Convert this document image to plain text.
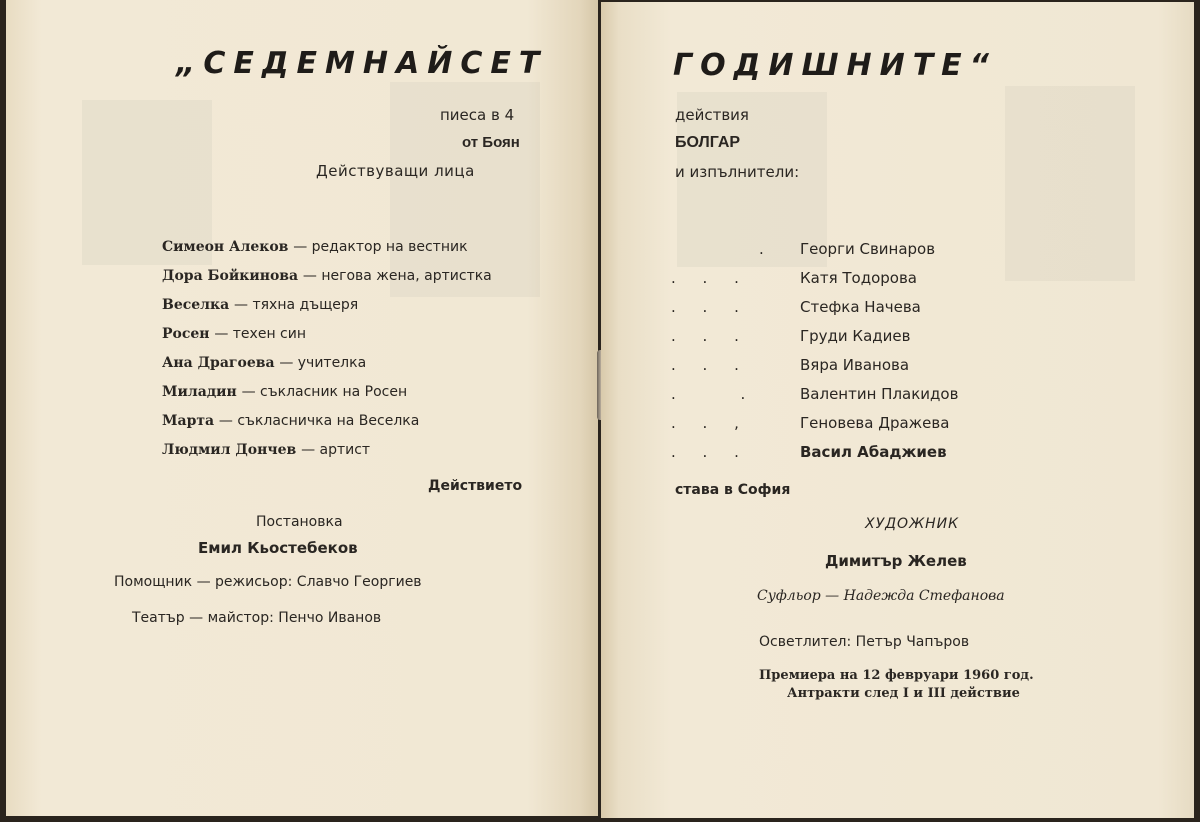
„СЕДЕМНАЙСЕТ
пиеса в 4
от Боян
Действуващи лица
Симеон Алеков — редактор на вестник
Дора Бойкинова — негова жена, артистка
Веселка — тяхна дъщеря
Росен — техен син
Ана Драгоева — учителка
Миладин — съкласник на Росен
Марта — съкласничка на Веселка
Людмил Дончев — артист
Действието
Постановка
Емил Кьостебеков
Помощник — режисьор: Славчо Георгиев
Театър — майстор: Пенчо Иванов
ГОДИШНИТЕ“
действия
БОЛГАР
и изпълнители:
. Георги Свинаров
. . .	Катя Тодорова
. . .	Стефка Начева
. . .	Груди Кадиев
. . .	Вяра Иванова
. . Валентин Плакидов
. . ,	Геновева Дражева
. . .	Васил Абаджиев
става в София
ХУДОЖНИК
Димитър Желев
Суфльор — Надежда Стефанова
Осветлител: Петър Чапъров
Премиера на 12 февруари 1960 год.
Антракти след I и III действие
